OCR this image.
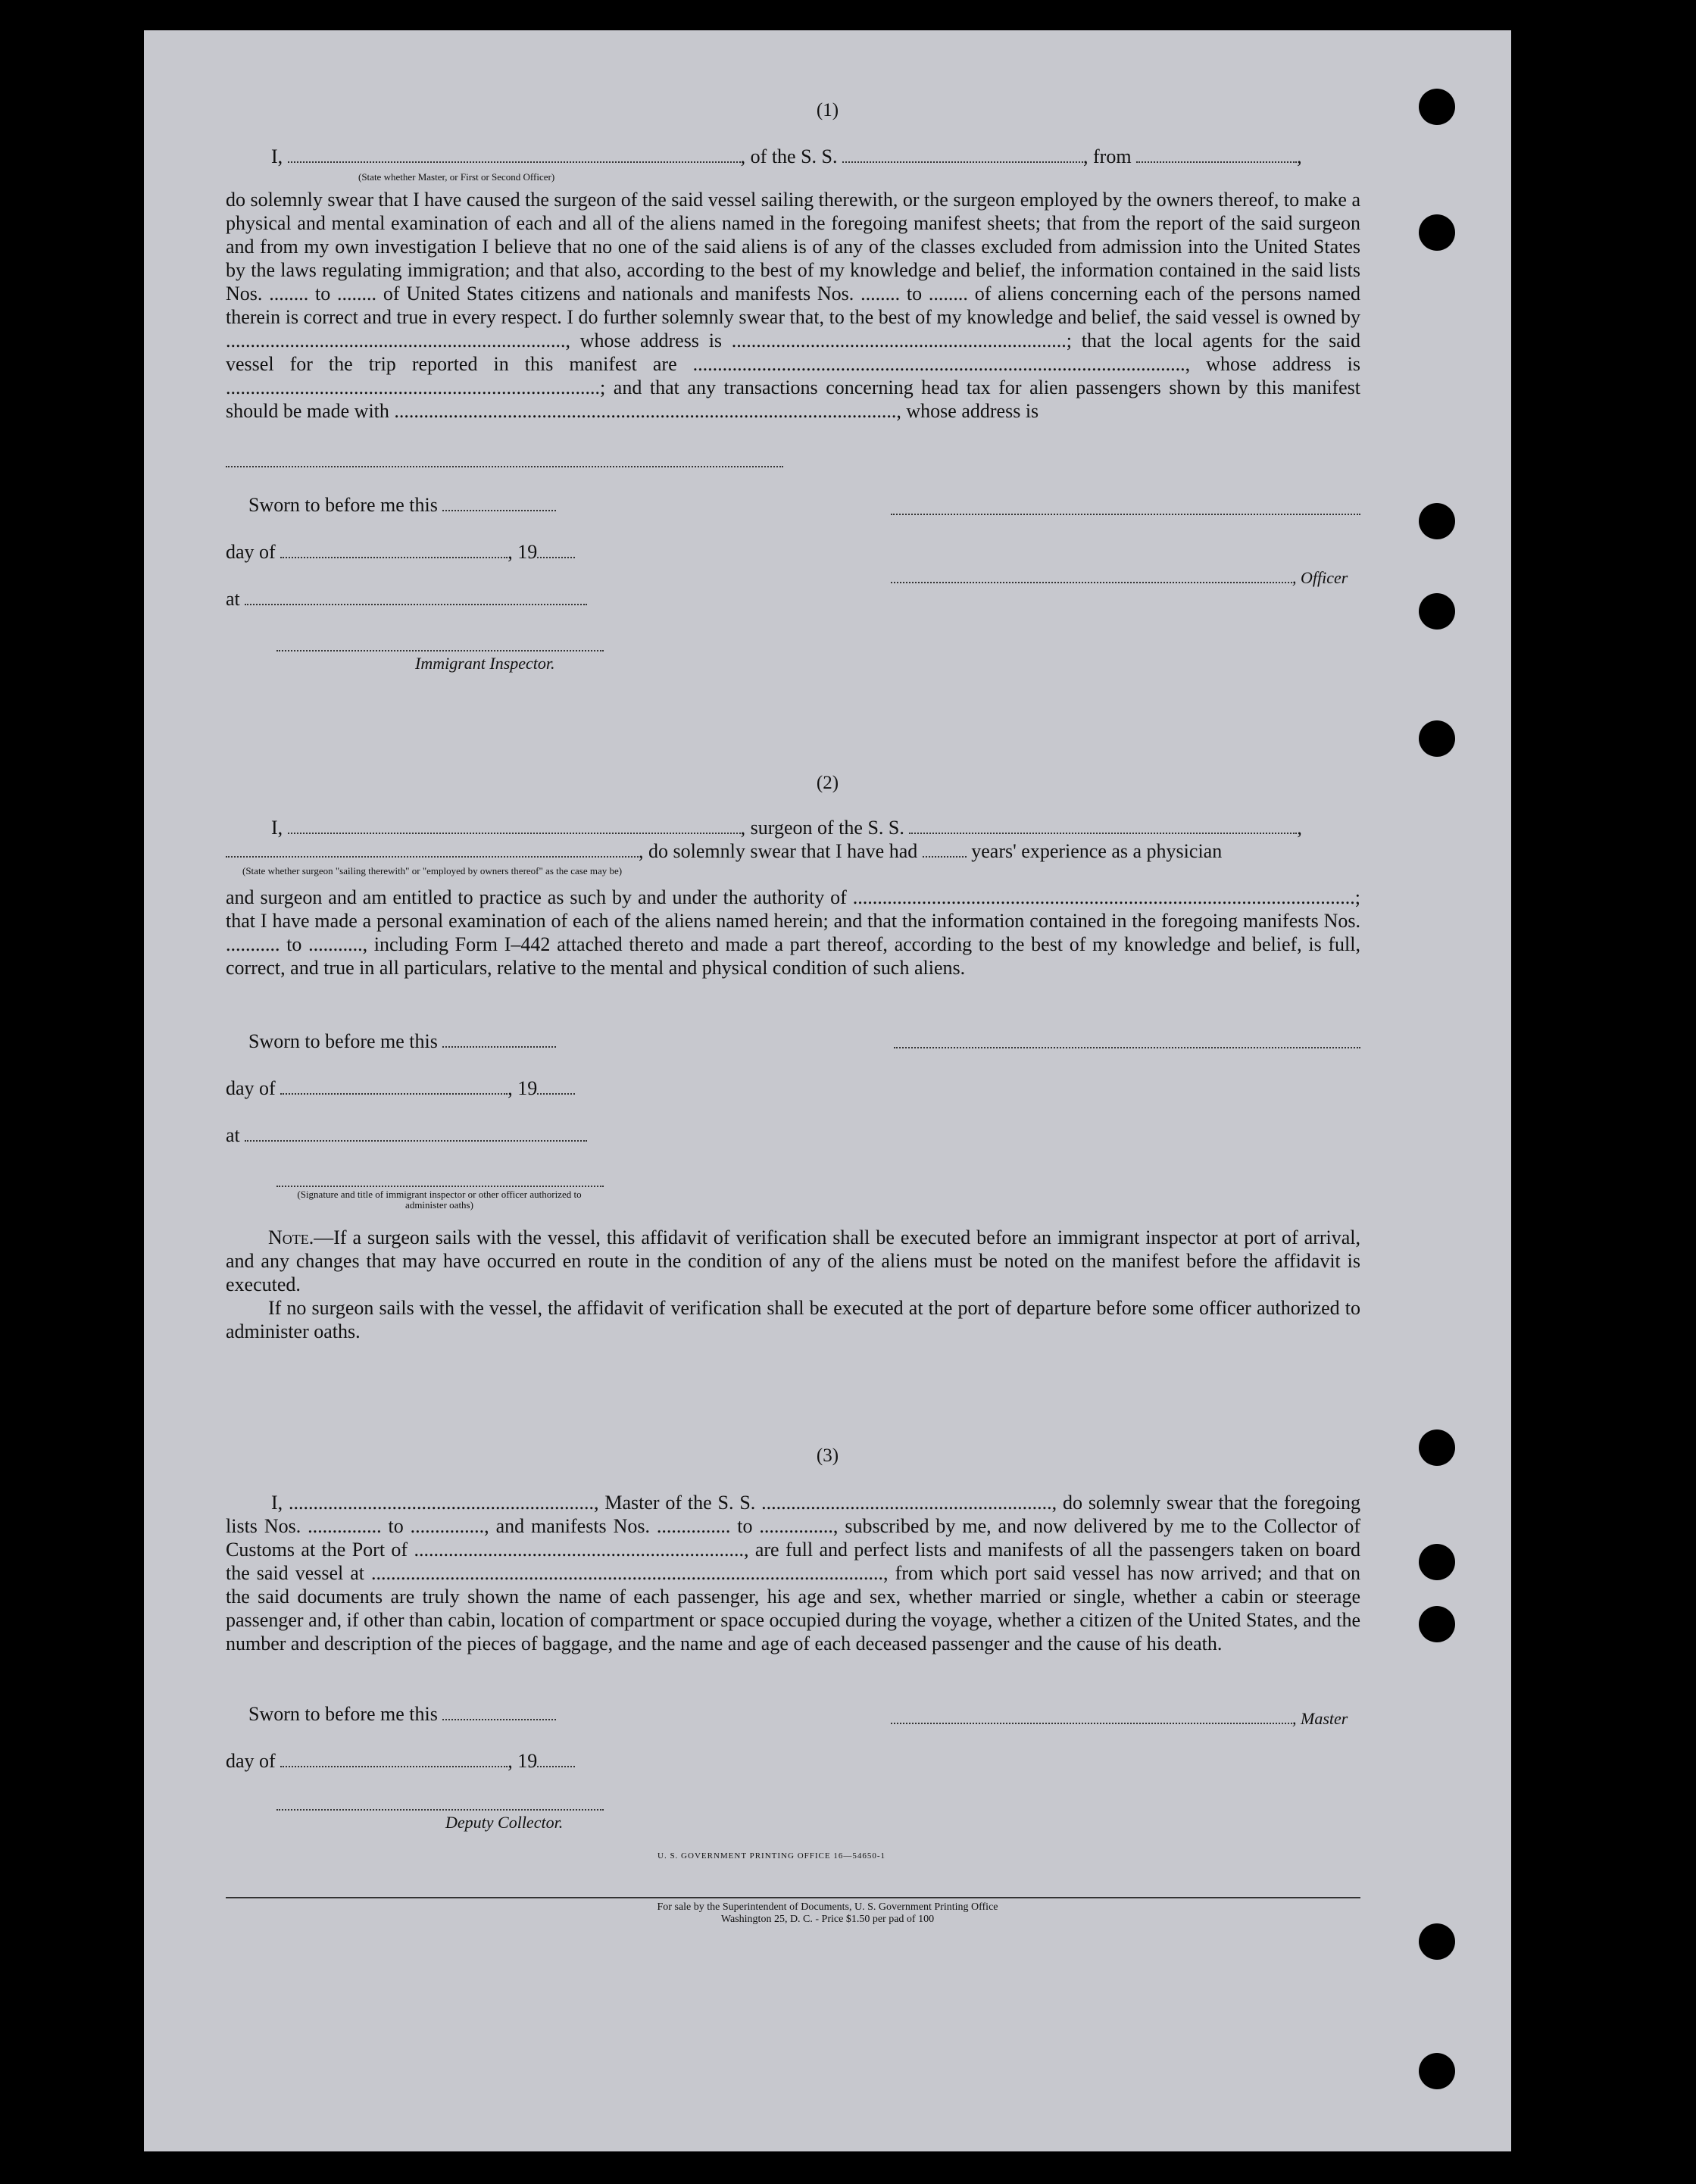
(1)
I,	, of the S. S.	, from	,
(State whether Master, or First or Second Officer)
do solemnly swear that I have caused the surgeon of the said vessel sailing therewith, or the surgeon employed by the owners thereof, to make a physical and mental examination of each and all of the aliens named in the foregoing manifest sheets; that from the report of the said surgeon and from my own investigation I believe that no one of the said aliens is of any of the classes excluded from admission into the United States by the laws regulating immigration; and that also, according to the best of my knowledge and belief, the information contained in the said lists Nos. ........ to ........ of United States citizens and nationals and manifests Nos. ........ to ........ of aliens concerning each of the persons named therein is correct and true in every respect. I do further solemnly swear that, to the best of my knowledge and belief, the said vessel is owned by ....................................................................., whose address is ....................................................................; that the local agents for the said vessel for the trip reported in this manifest are ...................................................................................................., whose address is ............................................................................; and that any transactions concerning head tax for alien passengers shown by this manifest should be made with ......................................................................................................, whose address is
Sworn to before me this
day of	, 19
at
Immigrant Inspector.
, Officer
(2)
I,	, surgeon of the S. S.	,
, do solemnly swear that I have had	years' experience as a physician
(State whether surgeon "sailing therewith" or "employed by owners thereof" as the case may be)
and surgeon and am entitled to practice as such by and under the authority of ......................................................................................................; that I have made a personal examination of each of the aliens named herein; and that the information contained in the foregoing manifests Nos. ........... to ..........., including Form I–442 attached thereto and made a part thereof, according to the best of my knowledge and belief, is full, correct, and true in all particulars, relative to the mental and physical condition of such aliens.
Sworn to before me this
day of	, 19
at
(Signature and title of immigrant inspector or other officer authorized to administer oaths)
Note.—If a surgeon sails with the vessel, this affidavit of verification shall be executed before an immigrant inspector at port of arrival, and any changes that may have occurred en route in the condition of any of the aliens must be noted on the manifest before the affidavit is executed.
If no surgeon sails with the vessel, the affidavit of verification shall be executed at the port of departure before some officer authorized to administer oaths.
(3)
I, .............................................................., Master of the S. S. ..........................................................., do solemnly swear that the foregoing lists Nos. ............... to ..............., and manifests Nos. ............... to ..............., subscribed by me, and now delivered by me to the Collector of Customs at the Port of ..................................................................., are full and perfect lists and manifests of all the passengers taken on board the said vessel at ........................................................................................................, from which port said vessel has now arrived; and that on the said documents are truly shown the name of each passenger, his age and sex, whether married or single, whether a cabin or steerage passenger and, if other than cabin, location of compartment or space occupied during the voyage, whether a citizen of the United States, and the number and description of the pieces of baggage, and the name and age of each deceased passenger and the cause of his death.
Sworn to before me this
day of	, 19
Deputy Collector.
, Master
U. S. GOVERNMENT PRINTING OFFICE 16—54650-1
For sale by the Superintendent of Documents, U. S. Government Printing Office
Washington 25, D. C. - Price $1.50 per pad of 100
